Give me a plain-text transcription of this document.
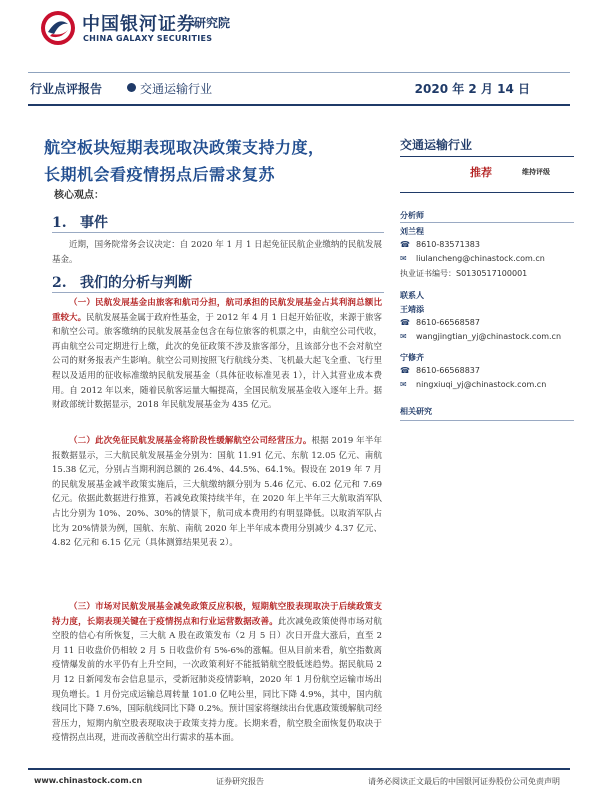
中国银河证券
研究院
CHINA GALAXY SECURITIES
行业点评报告	交通运输行业	2020 年 2 月 14 日
航空板块短期表现取决政策支持力度，
长期机会看疫情拐点后需求复苏
核心观点：
1. 事件
近期，国务院常务会议决定：自 2020 年 1 月 1 日起免征民航企业缴纳的民航发展基金。
2. 我们的分析与判断
（一）民航发展基金由旅客和航司分担，航司承担的民航发展基金占其利润总额比重较大。民航发展基金属于政府性基金，于 2012 年 4 月 1 日起开始征收，来源于旅客和航空公司。旅客缴纳的民航发展基金包含在每位旅客的机票之中，由航空公司代收，再由航空公司定期进行上缴，此次的免征政策不涉及旅客部分，且该部分也不会对航空公司的财务报表产生影响。航空公司则按照飞行航线分类、飞机最大起飞全重、飞行里程以及适用的征收标准缴纳民航发展基金（具体征收标准见表 1），计入其营业成本费用。自 2012 年以来，随着民航客运量大幅提高，全国民航发展基金收入逐年上升。据财政部统计数据显示，2018 年民航发展基金为 435 亿元。
（二）此次免征民航发展基金将阶段性缓解航空公司经营压力。根据 2019 年半年报数据显示，三大航民航发展基金分别为：国航 11.91 亿元、东航 12.05 亿元、南航 15.38 亿元，分别占当期利润总额的 26.4%、44.5%、64.1%。假设在 2019 年 7 月的民航发展基金减半政策实施后，三大航缴纳额分别为 5.46 亿元、6.02 亿元和 7.69 亿元。依据此数据进行推算，若减免政策持续半年，在 2020 年上半年三大航取消军队占比分别为 10%、20%、30%的情景下，航司成本费用约有明显降低。以取消军队占比为 20%情景为例，国航、东航、南航 2020 年上半年成本费用分别减少 4.37 亿元、4.82 亿元和 6.15 亿元（具体测算结果见表 2）。
（三）市场对民航发展基金减免政策反应积极，短期航空股表现取决于后续政策支持力度，长期表现关键在于疫情拐点和行业运营数据改善。此次减免政策使得市场对航空股的信心有所恢复，三大航 A 股在政策发布（2 月 5 日）次日开盘大涨后，直至 2 月 11 日收盘价仍相较 2 月 5 日收盘价有 5%-6%的涨幅。但从目前来看，航空指数离疫情爆发前的水平仍有上升空间，一次政策利好不能抵销航空股低迷趋势。据民航局 2 月 12 日新闻发布会信息显示，受新冠肺炎疫情影响，2020 年 1 月份航空运输市场出现负增长。1 月份完成运输总周转量 101.0 亿吨公里，同比下降 4.9%，其中，国内航线同比下降 7.6%，国际航线同比下降 0.2%。预计国家将继续出台优惠政策缓解航司经营压力，短期内航空股表现取决于政策支持力度。长期来看，航空股全面恢复仍取决于疫情拐点出现，进而改善航空出行需求的基本面。
交通运输行业
推荐	维持评级
分析师
刘兰程
☎ 8610-83571383
✉ liulancheng@chinastock.com.cn
执业证书编号：S0130517100001
联系人
王靖添
☎ 8610-66568587
✉ wangjingtian_yj@chinastock.com.cn
宁修齐
☎ 8610-66568837
✉ ningxiuqi_yj@chinastock.com.cn
相关研究
www.chinastock.com.cn	证券研究报告	请务必阅读正文最后的中国银河证券股份公司免责声明
